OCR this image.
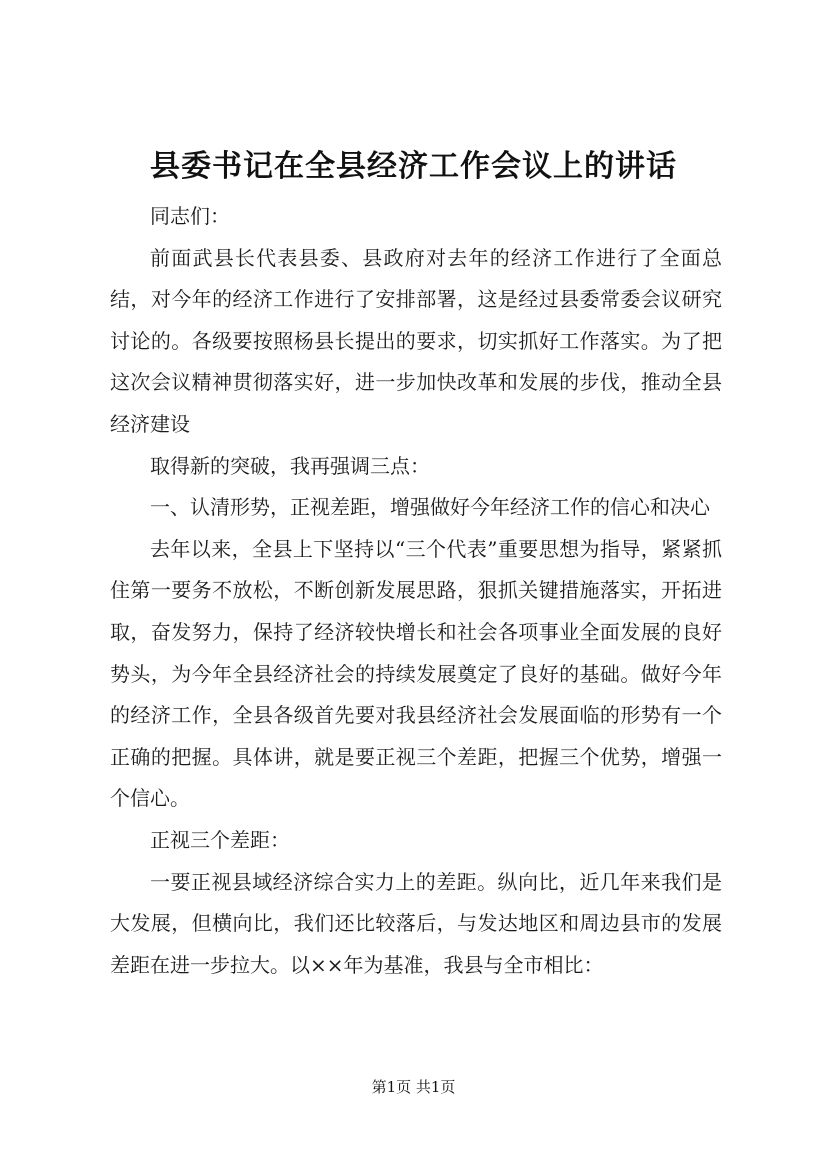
县委书记在全县经济工作会议上的讲话

同志们：

前面武县长代表县委、县政府对去年的经济工作进行了全面总结，对今年的经济工作进行了安排部署，这是经过县委常委会议研究讨论的。各级要按照杨县长提出的要求，切实抓好工作落实。为了把这次会议精神贯彻落实好，进一步加快改革和发展的步伐，推动全县经济建设

取得新的突破，我再强调三点：

一、认清形势，正视差距，增强做好今年经济工作的信心和决心

去年以来，全县上下坚持以“三个代表”重要思想为指导，紧紧抓住第一要务不放松，不断创新发展思路，狠抓关键措施落实，开拓进取，奋发努力，保持了经济较快增长和社会各项事业全面发展的良好势头，为今年全县经济社会的持续发展奠定了良好的基础。做好今年的经济工作，全县各级首先要对我县经济社会发展面临的形势有一个正确的把握。具体讲，就是要正视三个差距，把握三个优势，增强一个信心。

正视三个差距：

一要正视县域经济综合实力上的差距。纵向比，近几年来我们是大发展，但横向比，我们还比较落后，与发达地区和周边县市的发展差距在进一步拉大。以××年为基准，我县与全市相比：

第1页 共1页
